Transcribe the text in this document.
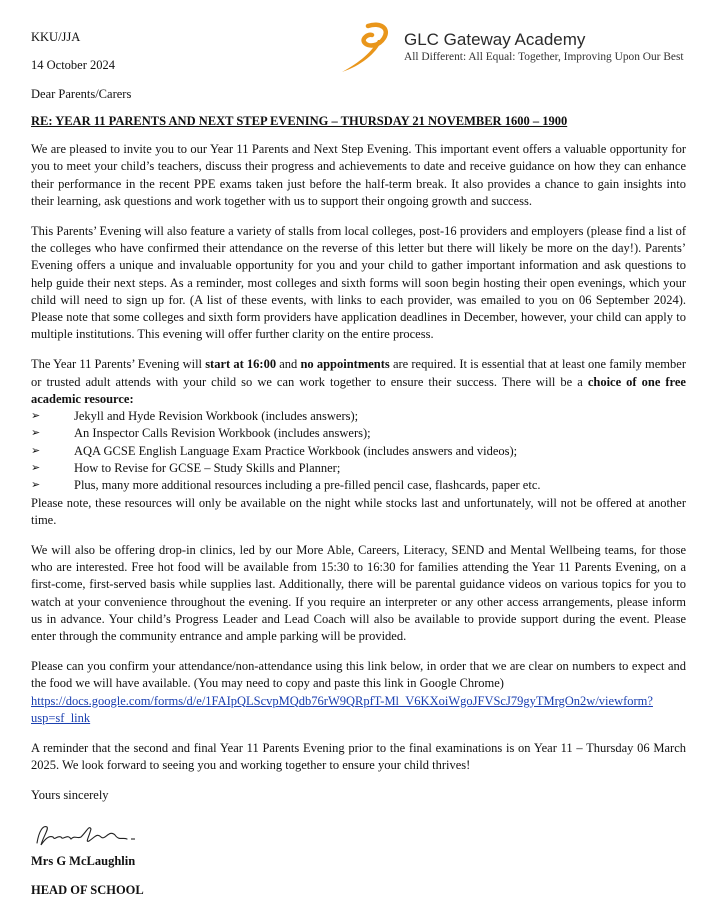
KKU/JJA
14 October 2024
GLC Gateway Academy
All Different: All Equal: Together, Improving Upon Our Best
Dear Parents/Carers
RE: YEAR 11 PARENTS AND NEXT STEP EVENING – THURSDAY 21 NOVEMBER 1600 – 1900

We are pleased to invite you to our Year 11 Parents and Next Step Evening. This important event offers a valuable opportunity for you to meet your child’s teachers, discuss their progress and achievements to date and receive guidance on how they can enhance their performance in the recent PPE exams taken just before the half-term break. It also provides a chance to gain insights into their learning, ask questions and work together with us to support their ongoing growth and success.

This Parents’ Evening will also feature a variety of stalls from local colleges, post-16 providers and employers (please find a list of the colleges who have confirmed their attendance on the reverse of this letter but there will likely be more on the day!). Parents’ Evening offers a unique and invaluable opportunity for you and your child to gather important information and ask questions to help guide their next steps. As a reminder, most colleges and sixth forms will soon begin hosting their open evenings, which your child will need to sign up for. (A list of these events, with links to each provider, was emailed to you on 06 September 2024). Please note that some colleges and sixth form providers have application deadlines in December, however, your child can apply to multiple institutions. This evening will offer further clarity on the entire process.

The Year 11 Parents’ Evening will start at 16:00 and no appointments are required. It is essential that at least one family member or trusted adult attends with your child so we can work together to ensure their success. There will be a choice of one free academic resource:

➢	Jekyll and Hyde Revision Workbook (includes answers);
➢	An Inspector Calls Revision Workbook (includes answers);
➢	AQA GCSE English Language Exam Practice Workbook (includes answers and videos);
➢	How to Revise for GCSE – Study Skills and Planner;
➢	Plus, many more additional resources including a pre-filled pencil case, flashcards, paper etc.

Please note, these resources will only be available on the night while stocks last and unfortunately, will not be offered at another time.

We will also be offering drop-in clinics, led by our More Able, Careers, Literacy, SEND and Mental Wellbeing teams, for those who are interested. Free hot food will be available from 15:30 to 16:30 for families attending the Year 11 Parents Evening, on a first-come, first-served basis while supplies last. Additionally, there will be parental guidance videos on various topics for you to watch at your convenience throughout the evening. If you require an interpreter or any other access arrangements, please inform us in advance. Your child’s Progress Leader and Lead Coach will also be available to provide support during the event. Please enter through the community entrance and ample parking will be provided.

Please can you confirm your attendance/non-attendance using this link below, in order that we are clear on numbers to expect and the food we will have available. (You may need to copy and paste this link in Google Chrome)
https://docs.google.com/forms/d/e/1FAIpQLScvpMQdb76rW9QRpfT-Ml_V6KXoiWgoJFVScJ79gyTMrgOn2w/viewform?usp=sf_link

A reminder that the second and final Year 11 Parents Evening prior to the final examinations is on Year 11 – Thursday 06 March 2025. We look forward to seeing you and working together to ensure your child thrives!

Yours sincerely

Mrs G McLaughlin

HEAD OF SCHOOL
